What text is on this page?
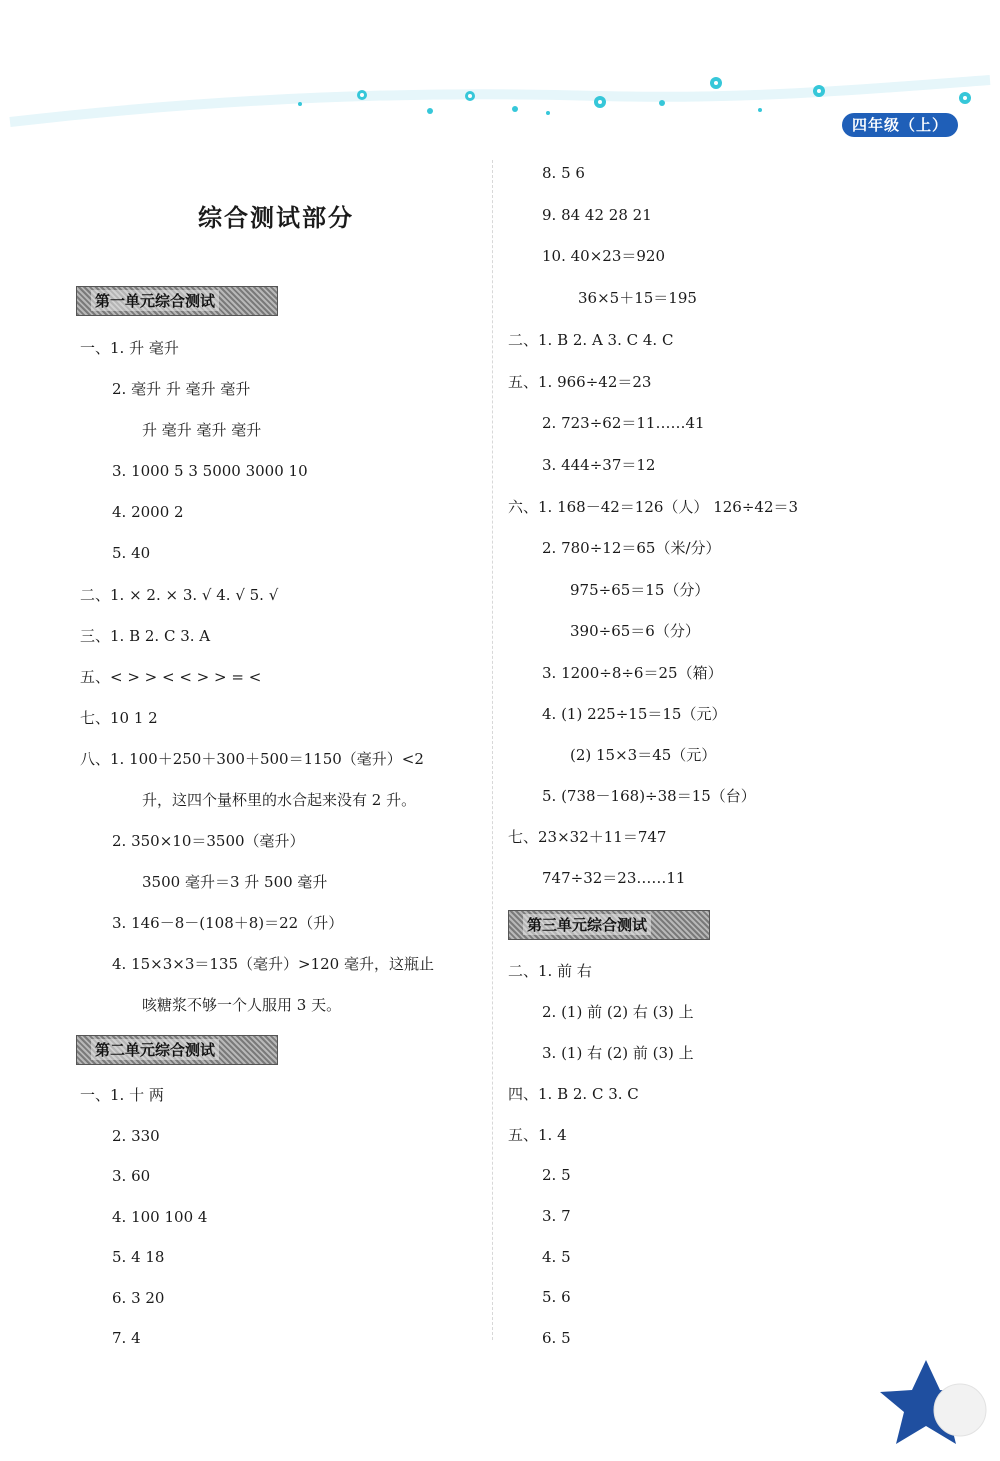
四年级（上）
综合测试部分
第一单元综合测试
第二单元综合测试
第三单元综合测试
一、1. 升 毫升
2. 毫升 升 毫升 毫升
升 毫升 毫升 毫升
3. 1000 5 3 5000 3000 10
4. 2000 2
5. 40
二、1. × 2. × 3. √ 4. √ 5. √
三、1. B 2. C 3. A
五、< > > < < > > = <
七、10 1 2
八、1. 100＋250＋300＋500＝1150（毫升）<2
升，这四个量杯里的水合起来没有 2 升。
2. 350×10＝3500（毫升）
3500 毫升＝3 升 500 毫升
3. 146－8－(108＋8)＝22（升）
4. 15×3×3＝135（毫升）>120 毫升，这瓶止
咳糖浆不够一个人服用 3 天。
一、1. 十 两
2. 330
3. 60
4. 100 100 4
5. 4 18
6. 3 20
7. 4
8. 5 6
9. 84 42 28 21
10. 40×23＝920
36×5＋15＝195
二、1. B 2. A 3. C 4. C
五、1. 966÷42＝23
2. 723÷62＝11……41
3. 444÷37＝12
六、1. 168－42＝126（人） 126÷42＝3
2. 780÷12＝65（米/分）
975÷65＝15（分）
390÷65＝6（分）
3. 1200÷8÷6＝25（箱）
4. (1) 225÷15＝15（元）
(2) 15×3＝45（元）
5. (738－168)÷38＝15（台）
七、23×32＋11＝747
747÷32＝23……11
二、1. 前 右
2. (1) 前 (2) 右 (3) 上
3. (1) 右 (2) 前 (3) 上
四、1. B 2. C 3. C
五、1. 4
2. 5
3. 7
4. 5
5. 6
6. 5
